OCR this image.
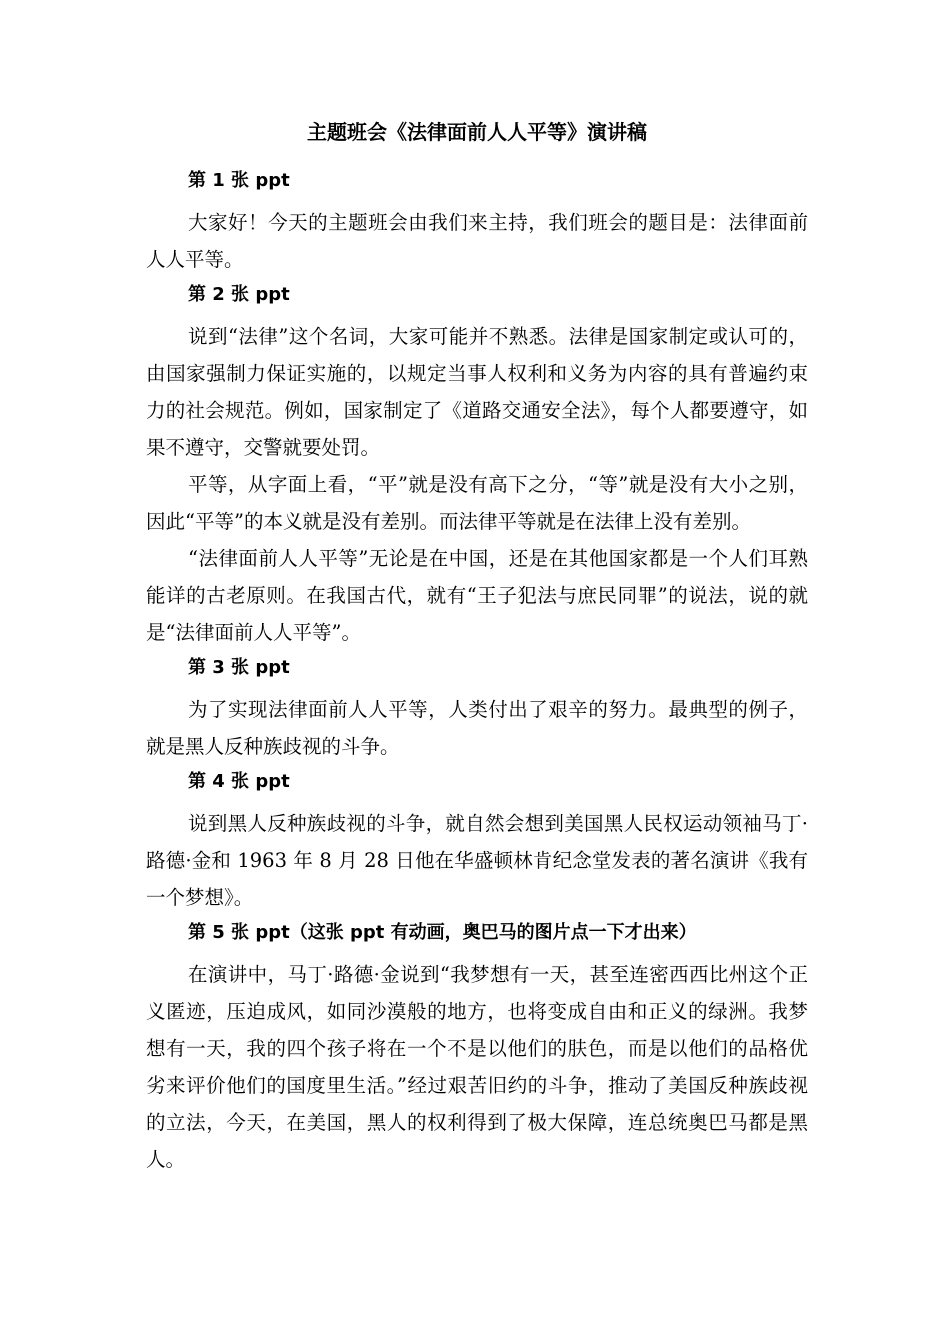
主题班会《法律面前人人平等》演讲稿
第 1 张 ppt

大家好！今天的主题班会由我们来主持，我们班会的题目是：法律面前人人平等。

第 2 张 ppt

说到“法律”这个名词，大家可能并不熟悉。法律是国家制定或认可的，由国家强制力保证实施的，以规定当事人权利和义务为内容的具有普遍约束力的社会规范。例如，国家制定了《道路交通安全法》，每个人都要遵守，如果不遵守，交警就要处罚。

平等，从字面上看，“平”就是没有高下之分，“等”就是没有大小之别，因此“平等”的本义就是没有差别。而法律平等就是在法律上没有差别。

“法律面前人人平等”无论是在中国，还是在其他国家都是一个人们耳熟能详的古老原则。在我国古代，就有“王子犯法与庶民同罪”的说法，说的就是“法律面前人人平等”。

第 3 张 ppt

为了实现法律面前人人平等，人类付出了艰辛的努力。最典型的例子，就是黑人反种族歧视的斗争。

第 4 张 ppt

说到黑人反种族歧视的斗争，就自然会想到美国黑人民权运动领袖马丁·路德·金和 1963 年 8 月 28 日他在华盛顿林肯纪念堂发表的著名演讲《我有一个梦想》。

第 5 张 ppt（这张 ppt 有动画，奥巴马的图片点一下才出来）

在演讲中，马丁·路德·金说到“我梦想有一天，甚至连密西西比州这个正义匿迹，压迫成风，如同沙漠般的地方，也将变成自由和正义的绿洲。我梦想有一天，我的四个孩子将在一个不是以他们的肤色，而是以他们的品格优劣来评价他们的国度里生活。”经过艰苦旧约的斗争，推动了美国反种族歧视的立法，今天，在美国，黑人的权利得到了极大保障，连总统奥巴马都是黑人。
